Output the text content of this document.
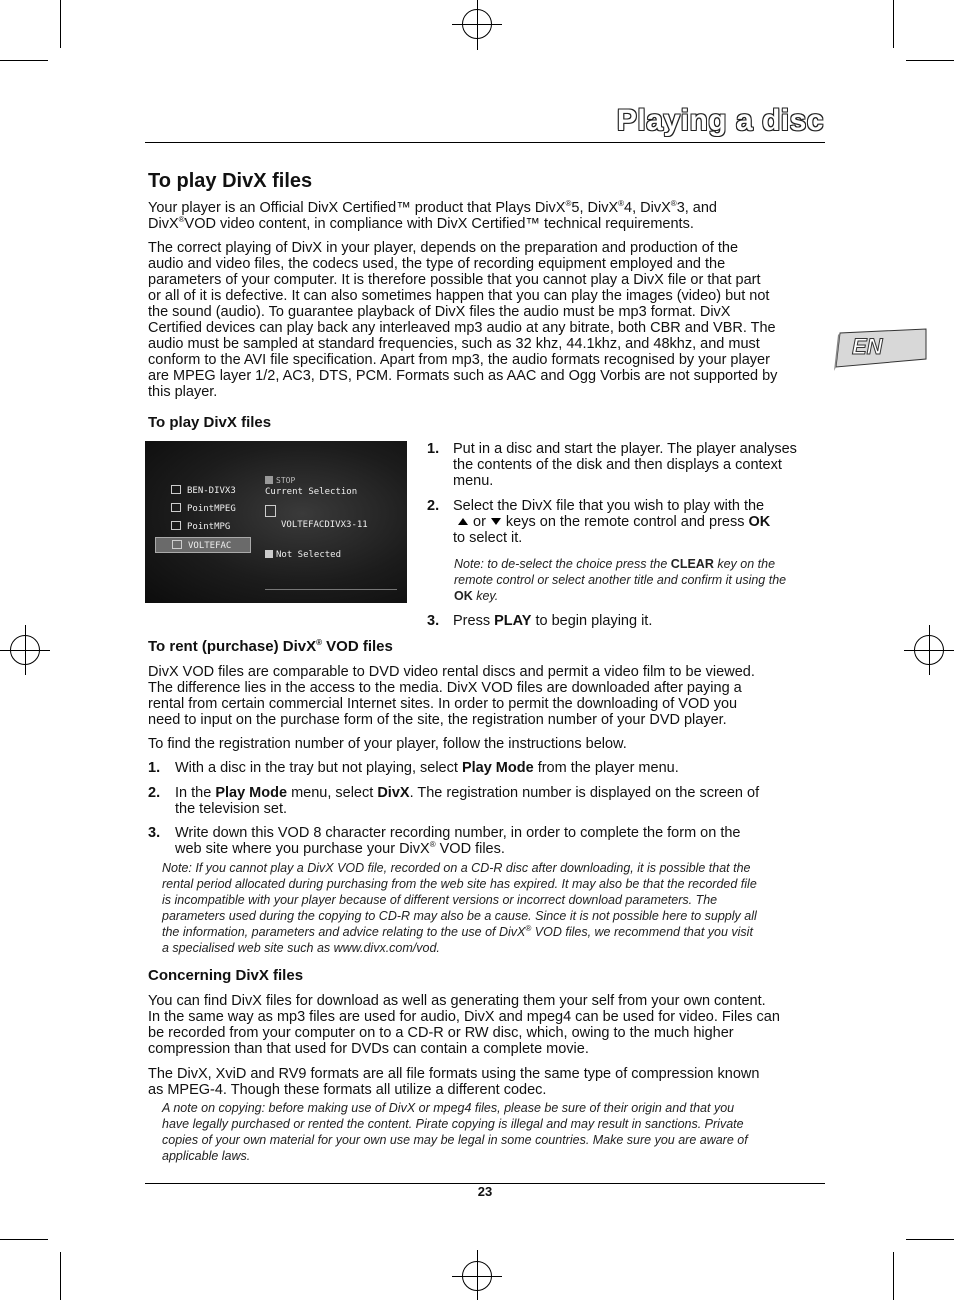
Playing a disc
EN
To play DivX files
Your player is an Official DivX Certified™ product that Plays DivX®5, DivX®4, DivX®3, and
DivX®VOD video content, in compliance with DivX Certified™ technical requirements.
The correct playing of DivX in your player, depends on the preparation and production of the
audio and video files, the codecs used, the type of recording equipment employed and the
parameters of your computer. It is therefore possible that you cannot play a DivX file or that part
or all of it is defective. It can also sometimes happen that you can play the images (video) but not
the sound (audio). To guarantee playback of DivX files the audio must be mp3 format. DivX
Certified devices can play back any interleaved mp3 audio at any bitrate, both CBR and VBR. The
audio must be sampled at standard frequencies, such as 32 khz, 44.1khz, and 48khz, and must
conform to the AVI file specification. Apart from mp3, the audio formats recognised by your player
are MPEG layer 1/2, AC3, DTS, PCM. Formats such as AAC and Ogg Vorbis are not supported by
this player.
To play DivX files
BEN-DIVX3
PointMPEG
PointMPG
VOLTEFAC
STOP
Current Selection
VOLTEFACDIVX3-11
Not Selected
1. Put in a disc and start the player. The player analyses
the contents of the disk and then displays a context
menu.
2. Select the DivX file that you wish to play with the
or keys on the remote control and press OK
to select it.
Note: to de-select the choice press the CLEAR key on the
remote control or select another title and confirm it using the
OK key.
3. Press PLAY to begin playing it.
To rent (purchase) DivX® VOD files
DivX VOD files are comparable to DVD video rental discs and permit a video film to be viewed.
The difference lies in the access to the media. DivX VOD files are downloaded after paying a
rental from certain commercial Internet sites. In order to permit the downloading of VOD you
need to input on the purchase form of the site, the registration number of your DVD player.
To find the registration number of your player, follow the instructions below.
1. With a disc in the tray but not playing, select Play Mode from the player menu.
2. In the Play Mode menu, select DivX. The registration number is displayed on the screen of
the television set.
3. Write down this VOD 8 character recording number, in order to complete the form on the
web site where you purchase your DivX® VOD files.
Note: If you cannot play a DivX VOD file, recorded on a CD-R disc after downloading, it is possible that the
rental period allocated during purchasing from the web site has expired. It may also be that the recorded file
is incompatible with your player because of different versions or incorrect download parameters. The
parameters used during the copying to CD-R may also be a cause. Since it is not possible here to supply all
the information, parameters and advice relating to the use of DivX® VOD files, we recommend that you visit
a specialised web site such as www.divx.com/vod.
Concerning DivX files
You can find DivX files for download as well as generating them your self from your own content.
In the same way as mp3 files are used for audio, DivX and mpeg4 can be used for video. Files can
be recorded from your computer on to a CD-R or RW disc, which, owing to the much higher
compression than that used for DVDs can contain a complete movie.
The DivX, XviD and RV9 formats are all file formats using the same type of compression known
as MPEG-4. Though these formats all utilize a different codec.
A note on copying: before making use of DivX or mpeg4 files, please be sure of their origin and that you
have legally purchased or rented the content. Pirate copying is illegal and may result in sanctions. Private
copies of your own material for your own use may be legal in some countries. Make sure you are aware of
applicable laws.
23
